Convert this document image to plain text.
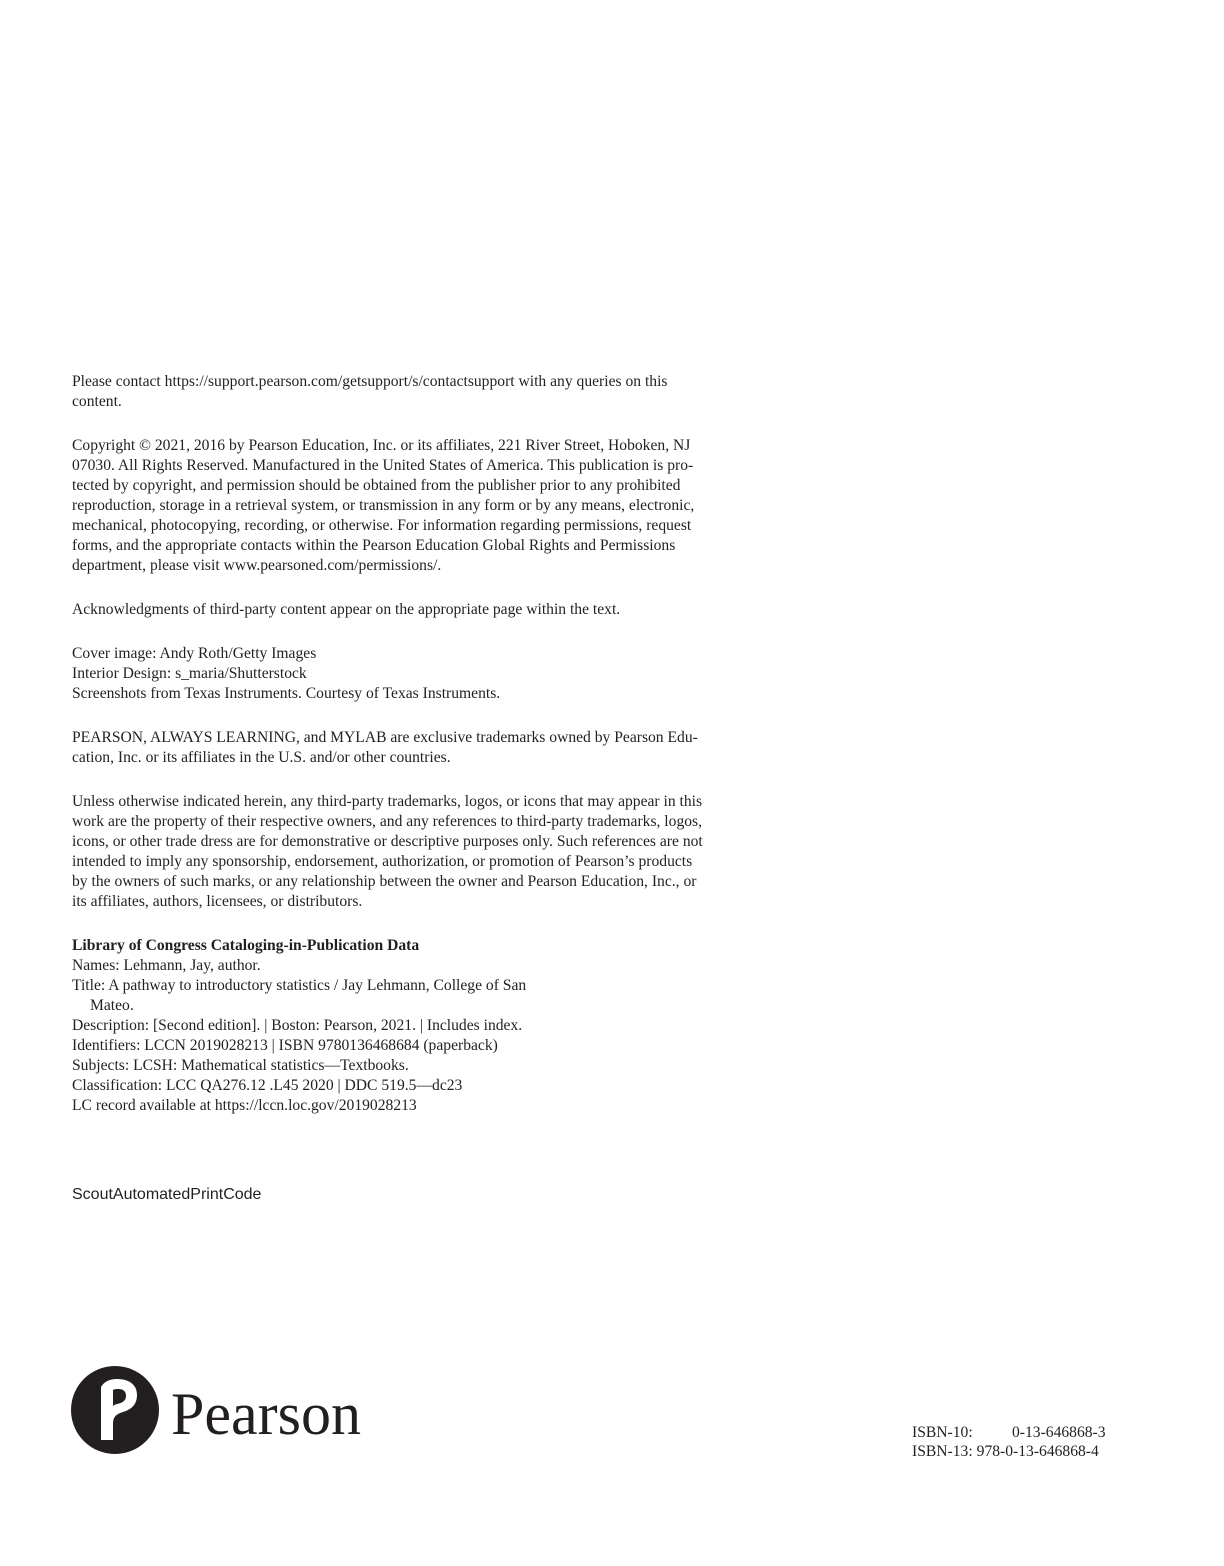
Please contact https://support.pearson.com/getsupport/s/contactsupport with any queries on this
content.

Copyright © 2021, 2016 by Pearson Education, Inc. or its affiliates, 221 River Street, Hoboken, NJ
07030. All Rights Reserved. Manufactured in the United States of America. This publication is pro-
tected by copyright, and permission should be obtained from the publisher prior to any prohibited
reproduction, storage in a retrieval system, or transmission in any form or by any means, electronic,
mechanical, photocopying, recording, or otherwise. For information regarding permissions, request
forms, and the appropriate contacts within the Pearson Education Global Rights and Permissions
department, please visit www.pearsoned.com/permissions/.

Acknowledgments of third-party content appear on the appropriate page within the text.

Cover image: Andy Roth/Getty Images
Interior Design: s_maria/Shutterstock
Screenshots from Texas Instruments. Courtesy of Texas Instruments.

PEARSON, ALWAYS LEARNING, and MYLAB are exclusive trademarks owned by Pearson Edu-
cation, Inc. or its affiliates in the U.S. and/or other countries.

Unless otherwise indicated herein, any third-party trademarks, logos, or icons that may appear in this
work are the property of their respective owners, and any references to third-party trademarks, logos,
icons, or other trade dress are for demonstrative or descriptive purposes only. Such references are not
intended to imply any sponsorship, endorsement, authorization, or promotion of Pearson’s products
by the owners of such marks, or any relationship between the owner and Pearson Education, Inc., or
its affiliates, authors, licensees, or distributors.

Library of Congress Cataloging-in-Publication Data
Names: Lehmann, Jay, author.
Title: A pathway to introductory statistics / Jay Lehmann, College of San
Mateo.
Description: [Second edition]. | Boston: Pearson, 2021. | Includes index.
Identifiers: LCCN 2019028213 | ISBN 9780136468684 (paperback)
Subjects: LCSH: Mathematical statistics—Textbooks.
Classification: LCC QA276.12 .L45 2020 | DDC 519.5—dc23
LC record available at https://lccn.loc.gov/2019028213
ScoutAutomatedPrintCode
Pearson	ISBN-10:	0-13-646868-3
ISBN-13: 978-0-13-646868-4
